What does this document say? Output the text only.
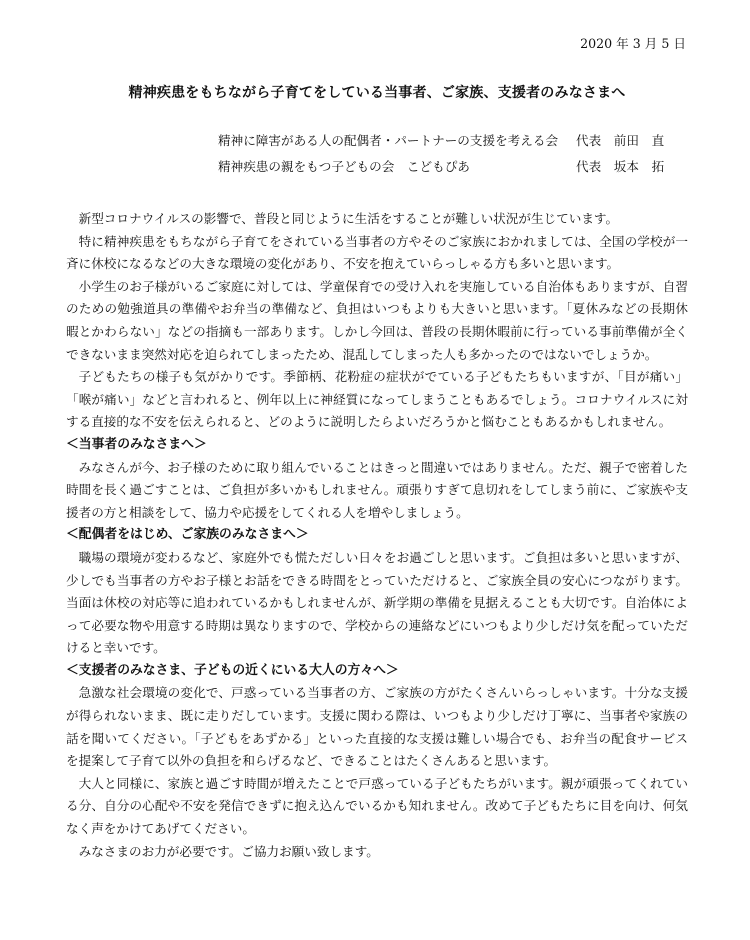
2020 年 3 月 5 日

精神疾患をもちながら子育てをしている当事者、ご家族、支援者のみなさまへ
精神に障害がある人の配偶者・パートナーの支援を考える会	代表　 前田　直
精神疾患の親をもつ子どもの会　こどもぴあ	代表　 坂本　拓

新型コロナウイルスの影響で、普段と同じように生活をすることが難しい状況が生じています。

特に精神疾患をもちながら子育てをされている当事者の方やそのご家族におかれましては、全国の学校が一斉に休校になるなどの大きな環境の変化があり、不安を抱えていらっしゃる方も多いと思います。

小学生のお子様がいるご家庭に対しては、学童保育での受け入れを実施している自治体もありますが、自習のための勉強道具の準備やお弁当の準備など、負担はいつもよりも大きいと思います。「夏休みなどの長期休暇とかわらない」などの指摘も一部あります。しかし今回は、普段の長期休暇前に行っている事前準備が全くできないまま突然対応を迫られてしまったため、混乱してしまった人も多かったのではないでしょうか。

子どもたちの様子も気がかりです。季節柄、花粉症の症状がでている子どもたちもいますが、「目が痛い」「喉が痛い」などと言われると、例年以上に神経質になってしまうこともあるでしょう。コロナウイルスに対する直接的な不安を伝えられると、どのように説明したらよいだろうかと悩むこともあるかもしれません。

＜当事者のみなさまへ＞

みなさんが今、お子様のために取り組んでいることはきっと間違いではありません。ただ、親子で密着した時間を長く過ごすことは、ご負担が多いかもしれません。頑張りすぎて息切れをしてしまう前に、ご家族や支援者の方と相談をして、協力や応援をしてくれる人を増やしましょう。

＜配偶者をはじめ、ご家族のみなさまへ＞

職場の環境が変わるなど、家庭外でも慌ただしい日々をお過ごしと思います。ご負担は多いと思いますが、少しでも当事者の方やお子様とお話をできる時間をとっていただけると、ご家族全員の安心につながります。当面は休校の対応等に追われているかもしれませんが、新学期の準備を見据えることも大切です。自治体によって必要な物や用意する時期は異なりますので、学校からの連絡などにいつもより少しだけ気を配っていただけると幸いです。

＜支援者のみなさま、子どもの近くにいる大人の方々へ＞

急激な社会環境の変化で、戸惑っている当事者の方、ご家族の方がたくさんいらっしゃいます。十分な支援が得られないまま、既に走りだしています。支援に関わる際は、いつもより少しだけ丁寧に、当事者や家族の話を聞いてください。「子どもをあずかる」といった直接的な支援は難しい場合でも、お弁当の配食サービスを提案して子育て以外の負担を和らげるなど、できることはたくさんあると思います。

大人と同様に、家族と過ごす時間が増えたことで戸惑っている子どもたちがいます。親が頑張ってくれている分、自分の心配や不安を発信できずに抱え込んでいるかも知れません。改めて子どもたちに目を向け、何気なく声をかけてあげてください。

みなさまのお力が必要です。ご協力お願い致します。
